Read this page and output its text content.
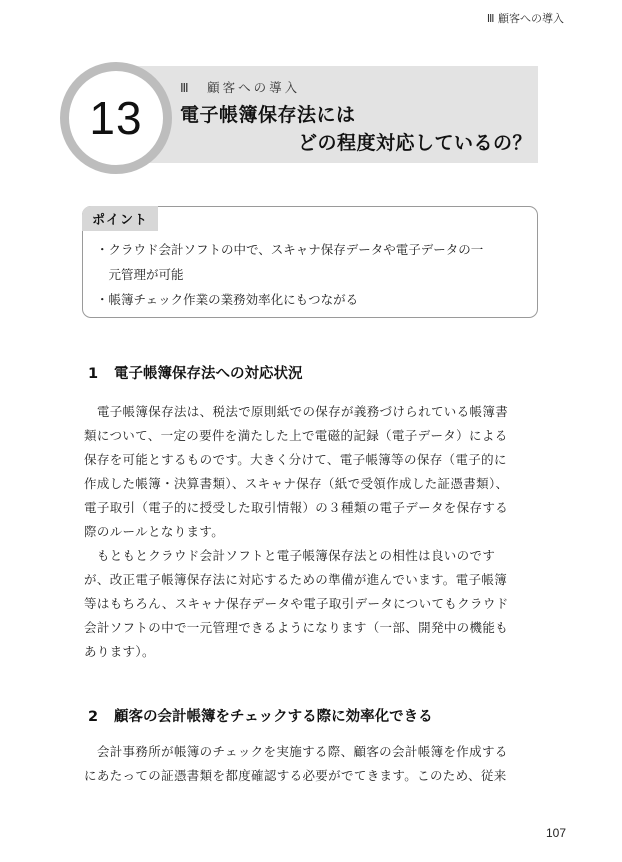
Ⅲ 顧客への導入
13
Ⅲ　顧客への導入
電子帳簿保存法には
どの程度対応しているの？
ポイント
・クラウド会計ソフトの中で、スキャナ保存データや電子データの一
　元管理が可能
・帳簿チェック作業の業務効率化にもつながる
1 電子帳簿保存法への対応状況
　電子帳簿保存法は、税法で原則紙での保存が義務づけられている帳簿書
類について、一定の要件を満たした上で電磁的記録（電子データ）による
保存を可能とするものです。大きく分けて、電子帳簿等の保存（電子的に
作成した帳簿・決算書類）、スキャナ保存（紙で受領作成した証憑書類）、
電子取引（電子的に授受した取引情報）の３種類の電子データを保存する
際のルールとなります。
　もともとクラウド会計ソフトと電子帳簿保存法との相性は良いのです
が、改正電子帳簿保存法に対応するための準備が進んでいます。電子帳簿
等はもちろん、スキャナ保存データや電子取引データについてもクラウド
会計ソフトの中で一元管理できるようになります（一部、開発中の機能も
あります）。
2 顧客の会計帳簿をチェックする際に効率化できる
　会計事務所が帳簿のチェックを実施する際、顧客の会計帳簿を作成する
にあたっての証憑書類を都度確認する必要がでてきます。このため、従来
107
